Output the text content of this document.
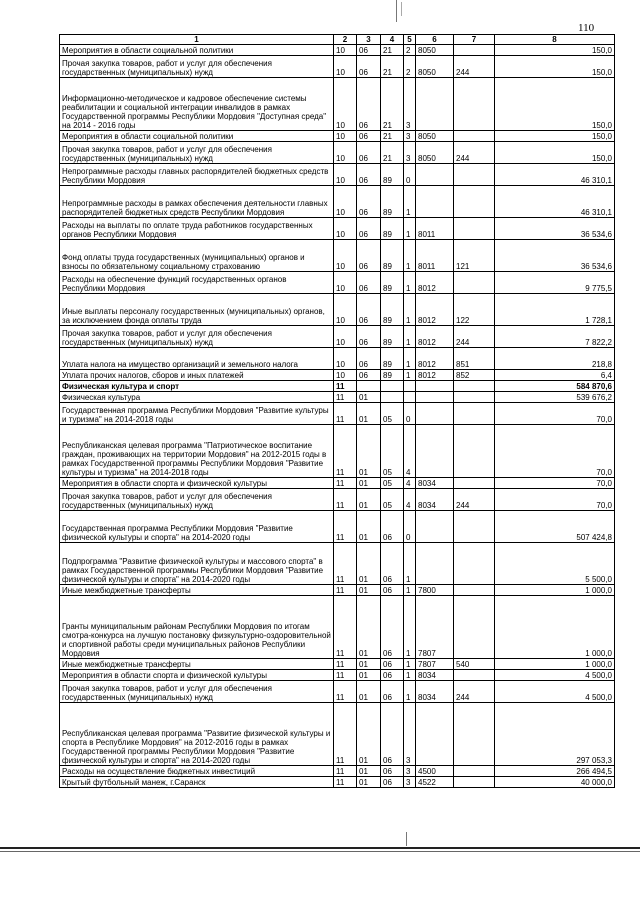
110
1	2	3	4	5	6	7	8
Мероприятия в области социальной политики	10	06	21	2	8050		150,0
Прочая закупка товаров, работ и услуг для обеспечения государственных (муниципальных) нужд	10	06	21	2	8050	244	150,0
Информационно-методическое и кадровое обеспечение системы реабилитации и социальной интеграции инвалидов в рамках Государственной программы Республики Мордовия "Доступная среда" на 2014 - 2016 годы	10	06	21	3			150,0
Мероприятия в области социальной политики	10	06	21	3	8050		150,0
Прочая закупка товаров, работ и услуг для обеспечения государственных (муниципальных) нужд	10	06	21	3	8050	244	150,0
Непрограммные расходы главных распорядителей бюджетных средств Республики Мордовия	10	06	89	0			46 310,1
Непрограммные расходы в рамках обеспечения деятельности главных распорядителей бюджетных средств Республики Мордовия	10	06	89	1			46 310,1
Расходы на выплаты по оплате труда работников государственных органов Республики Мордовия	10	06	89	1	8011		36 534,6
Фонд оплаты труда государственных (муниципальных) органов и взносы по обязательному социальному страхованию	10	06	89	1	8011	121	36 534,6
Расходы на обеспечение функций государственных органов Республики Мордовия	10	06	89	1	8012		9 775,5
Иные выплаты персоналу государственных (муниципальных) органов, за исключением фонда оплаты труда	10	06	89	1	8012	122	1 728,1
Прочая закупка товаров, работ и услуг для обеспечения государственных (муниципальных) нужд	10	06	89	1	8012	244	7 822,2
Уплата налога на имущество организаций и земельного налога	10	06	89	1	8012	851	218,8
Уплата прочих налогов, сборов и иных платежей	10	06	89	1	8012	852	6,4
Физическая культура и спорт	11						584 870,6
Физическая культура	11	01					539 676,2
Государственная программа Республики Мордовия "Развитие культуры и туризма" на 2014-2018 годы	11	01	05	0			70,0
Республиканская целевая программа "Патриотическое воспитание граждан, проживающих на территории Мордовия" на 2012-2015 годы в рамках Государственной программы Республики Мордовия "Развитие культуры и туризма" на 2014-2018 годы	11	01	05	4			70,0
Мероприятия в области спорта и физической культуры	11	01	05	4	8034		70,0
Прочая закупка товаров, работ и услуг для обеспечения государственных (муниципальных) нужд	11	01	05	4	8034	244	70,0
Государственная программа Республики Мордовия "Развитие физической культуры и спорта" на 2014-2020 годы	11	01	06	0			507 424,8
Подпрограмма "Развитие физической культуры и массового спорта" в рамках Государственной программы Республики Мордовия "Развитие физической культуры и спорта" на 2014-2020 годы	11	01	06	1			5 500,0
Иные межбюджетные трансферты	11	01	06	1	7800		1 000,0
Гранты муниципальным районам Республики Мордовия по итогам смотра-конкурса на лучшую постановку физкультурно-оздоровительной и спортивной работы среди муниципальных районов Республики Мордовия	11	01	06	1	7807		1 000,0
Иные межбюджетные трансферты	11	01	06	1	7807	540	1 000,0
Мероприятия в области спорта и физической культуры	11	01	06	1	8034		4 500,0
Прочая закупка товаров, работ и услуг для обеспечения государственных (муниципальных) нужд	11	01	06	1	8034	244	4 500,0
Республиканская целевая программа "Развитие физической культуры и спорта в Республике Мордовия" на 2012-2016 годы в рамках Государственной программы Республики Мордовия "Развитие физической культуры и спорта" на 2014-2020 годы	11	01	06	3			297 053,3
Расходы на осуществление бюджетных инвестиций	11	01	06	3	4500		266 494,5
Крытый футбольный манеж, г.Саранск	11	01	06	3	4522		40 000,0
